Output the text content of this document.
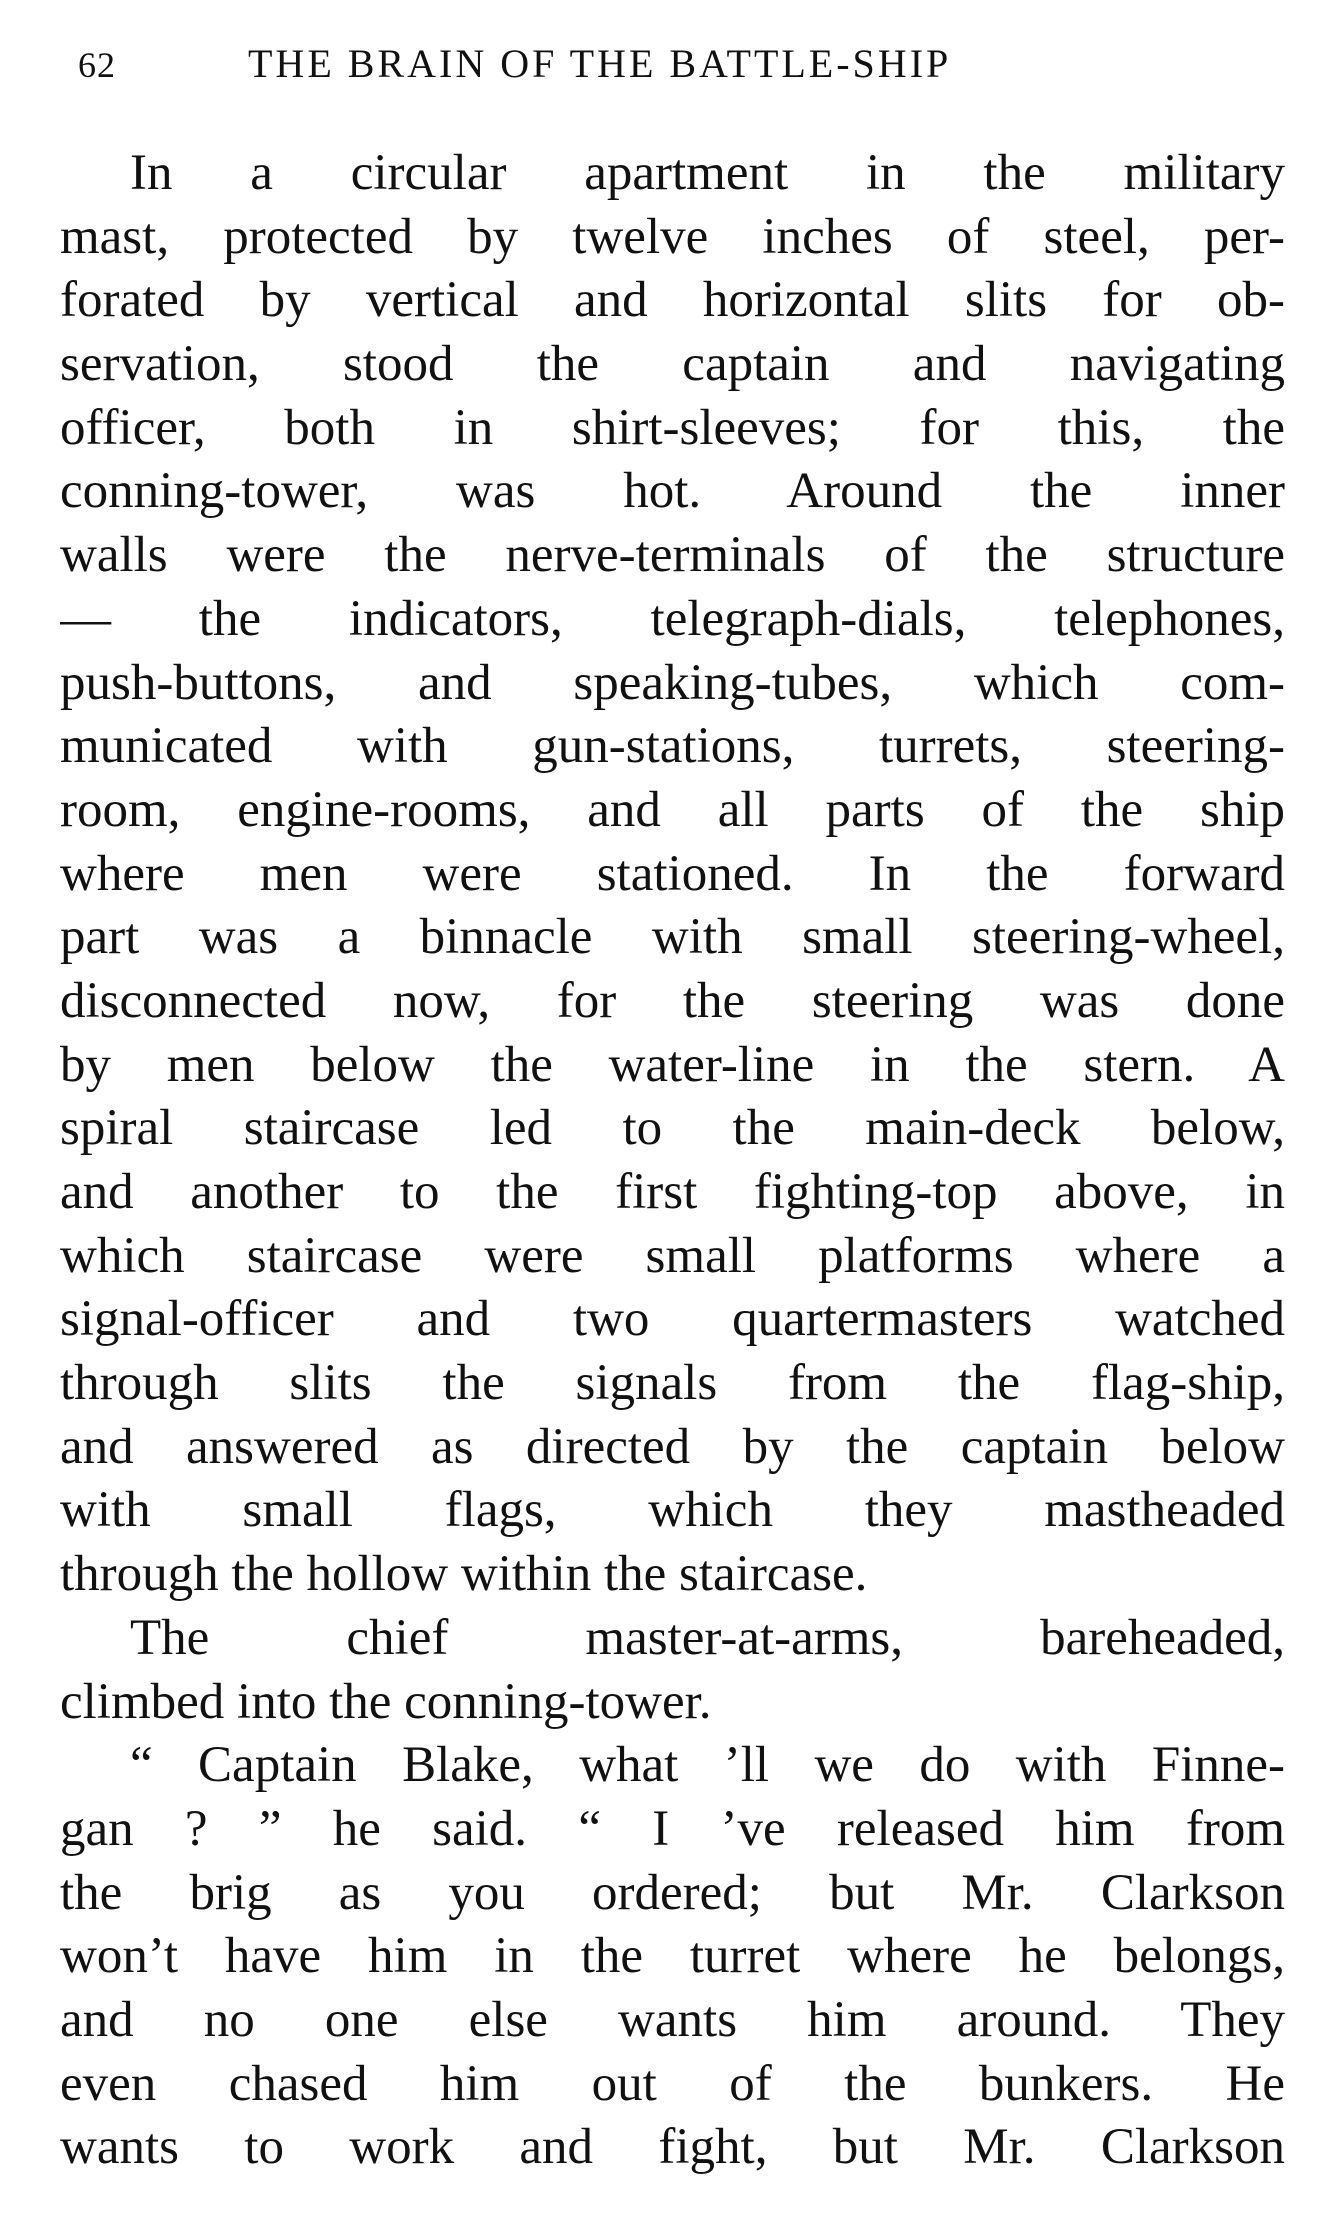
62	THE BRAIN OF THE BATTLE-SHIP
In a circular apartment in the military
mast, protected by twelve inches of steel, per-
forated by vertical and horizontal slits for ob-
servation, stood the captain and navigating
officer, both in shirt-sleeves; for this, the
conning-tower, was hot. Around the inner
walls were the nerve-terminals of the structure
— the indicators, telegraph-dials, telephones,
push-buttons, and speaking-tubes, which com-
municated with gun-stations, turrets, steering-
room, engine-rooms, and all parts of the ship
where men were stationed. In the forward
part was a binnacle with small steering-wheel,
disconnected now, for the steering was done
by men below the water-line in the stern. A
spiral staircase led to the main-deck below,
and another to the first fighting-top above, in
which staircase were small platforms where a
signal-officer and two quartermasters watched
through slits the signals from the flag-ship,
and answered as directed by the captain below
with small flags, which they mastheaded
through the hollow within the staircase.
The chief master-at-arms, bareheaded,
climbed into the conning-tower.
“ Captain Blake, what ’ll we do with Finne-
gan ? ” he said. “ I ’ve released him from
the brig as you ordered; but Mr. Clarkson
won’t have him in the turret where he belongs,
and no one else wants him around. They
even chased him out of the bunkers. He
wants to work and fight, but Mr. Clarkson
